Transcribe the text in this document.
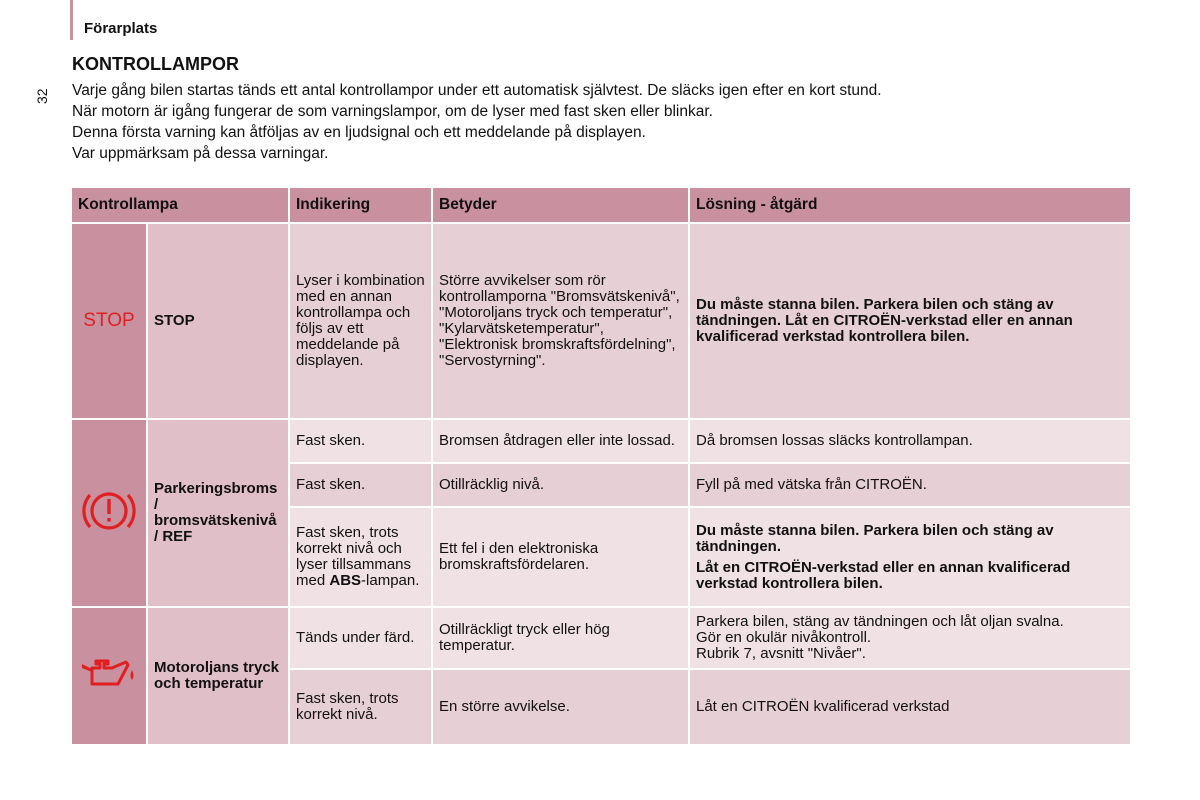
Förarplats
32
KONTROLLAMPOR
Varje gång bilen startas tänds ett antal kontrollampor under ett automatisk självtest. De släcks igen efter en kort stund.
När motorn är igång fungerar de som varningslampor, om de lyser med fast sken eller blinkar.
Denna första varning kan åtföljas av en ljudsignal och ett meddelande på displayen.
Var uppmärksam på dessa varningar.
Kontrollampa		Indikering	Betyder	Lösning - åtgärd
STOP	STOP	Lyser i kombination med en annan kontrollampa och följs av ett meddelande på displayen.	Större avvikelser som rör kontrollamporna "Bromsvätskenivå", "Motoroljans tryck och temperatur", "Kylarvätsketemperatur", "Elektronisk bromskraftsfördelning", "Servostyrning".	Du måste stanna bilen. Parkera bilen och stäng av tändningen. Låt en CITROËN-verkstad eller en annan kvalificerad verkstad kontrollera bilen.
	Parkeringsbroms / bromsvätskenivå / REF	Fast sken.	Bromsen åtdragen eller inte lossad.	Då bromsen lossas släcks kontrollampan.
		Fast sken.	Otillräcklig nivå.	Fyll på med vätska från CITROËN.
		Fast sken, trots korrekt nivå och lyser tillsammans med ABS-lampan.	Ett fel i den elektroniska bromskraftsfördelaren.	Du måste stanna bilen. Parkera bilen och stäng av tändningen.

Låt en CITROËN-verkstad eller en annan kvalificerad verkstad kontrollera bilen.

	Motoroljans tryck och temperatur	Tänds under färd.	Otillräckligt tryck eller hög temperatur.	Parkera bilen, stäng av tändningen och låt oljan svalna.
Gör en okulär nivåkontroll.
Rubrik 7, avsnitt "Nivåer".

		Fast sken, trots korrekt nivå.	En större avvikelse.	Låt en CITROËN kvalificerad verkstad
